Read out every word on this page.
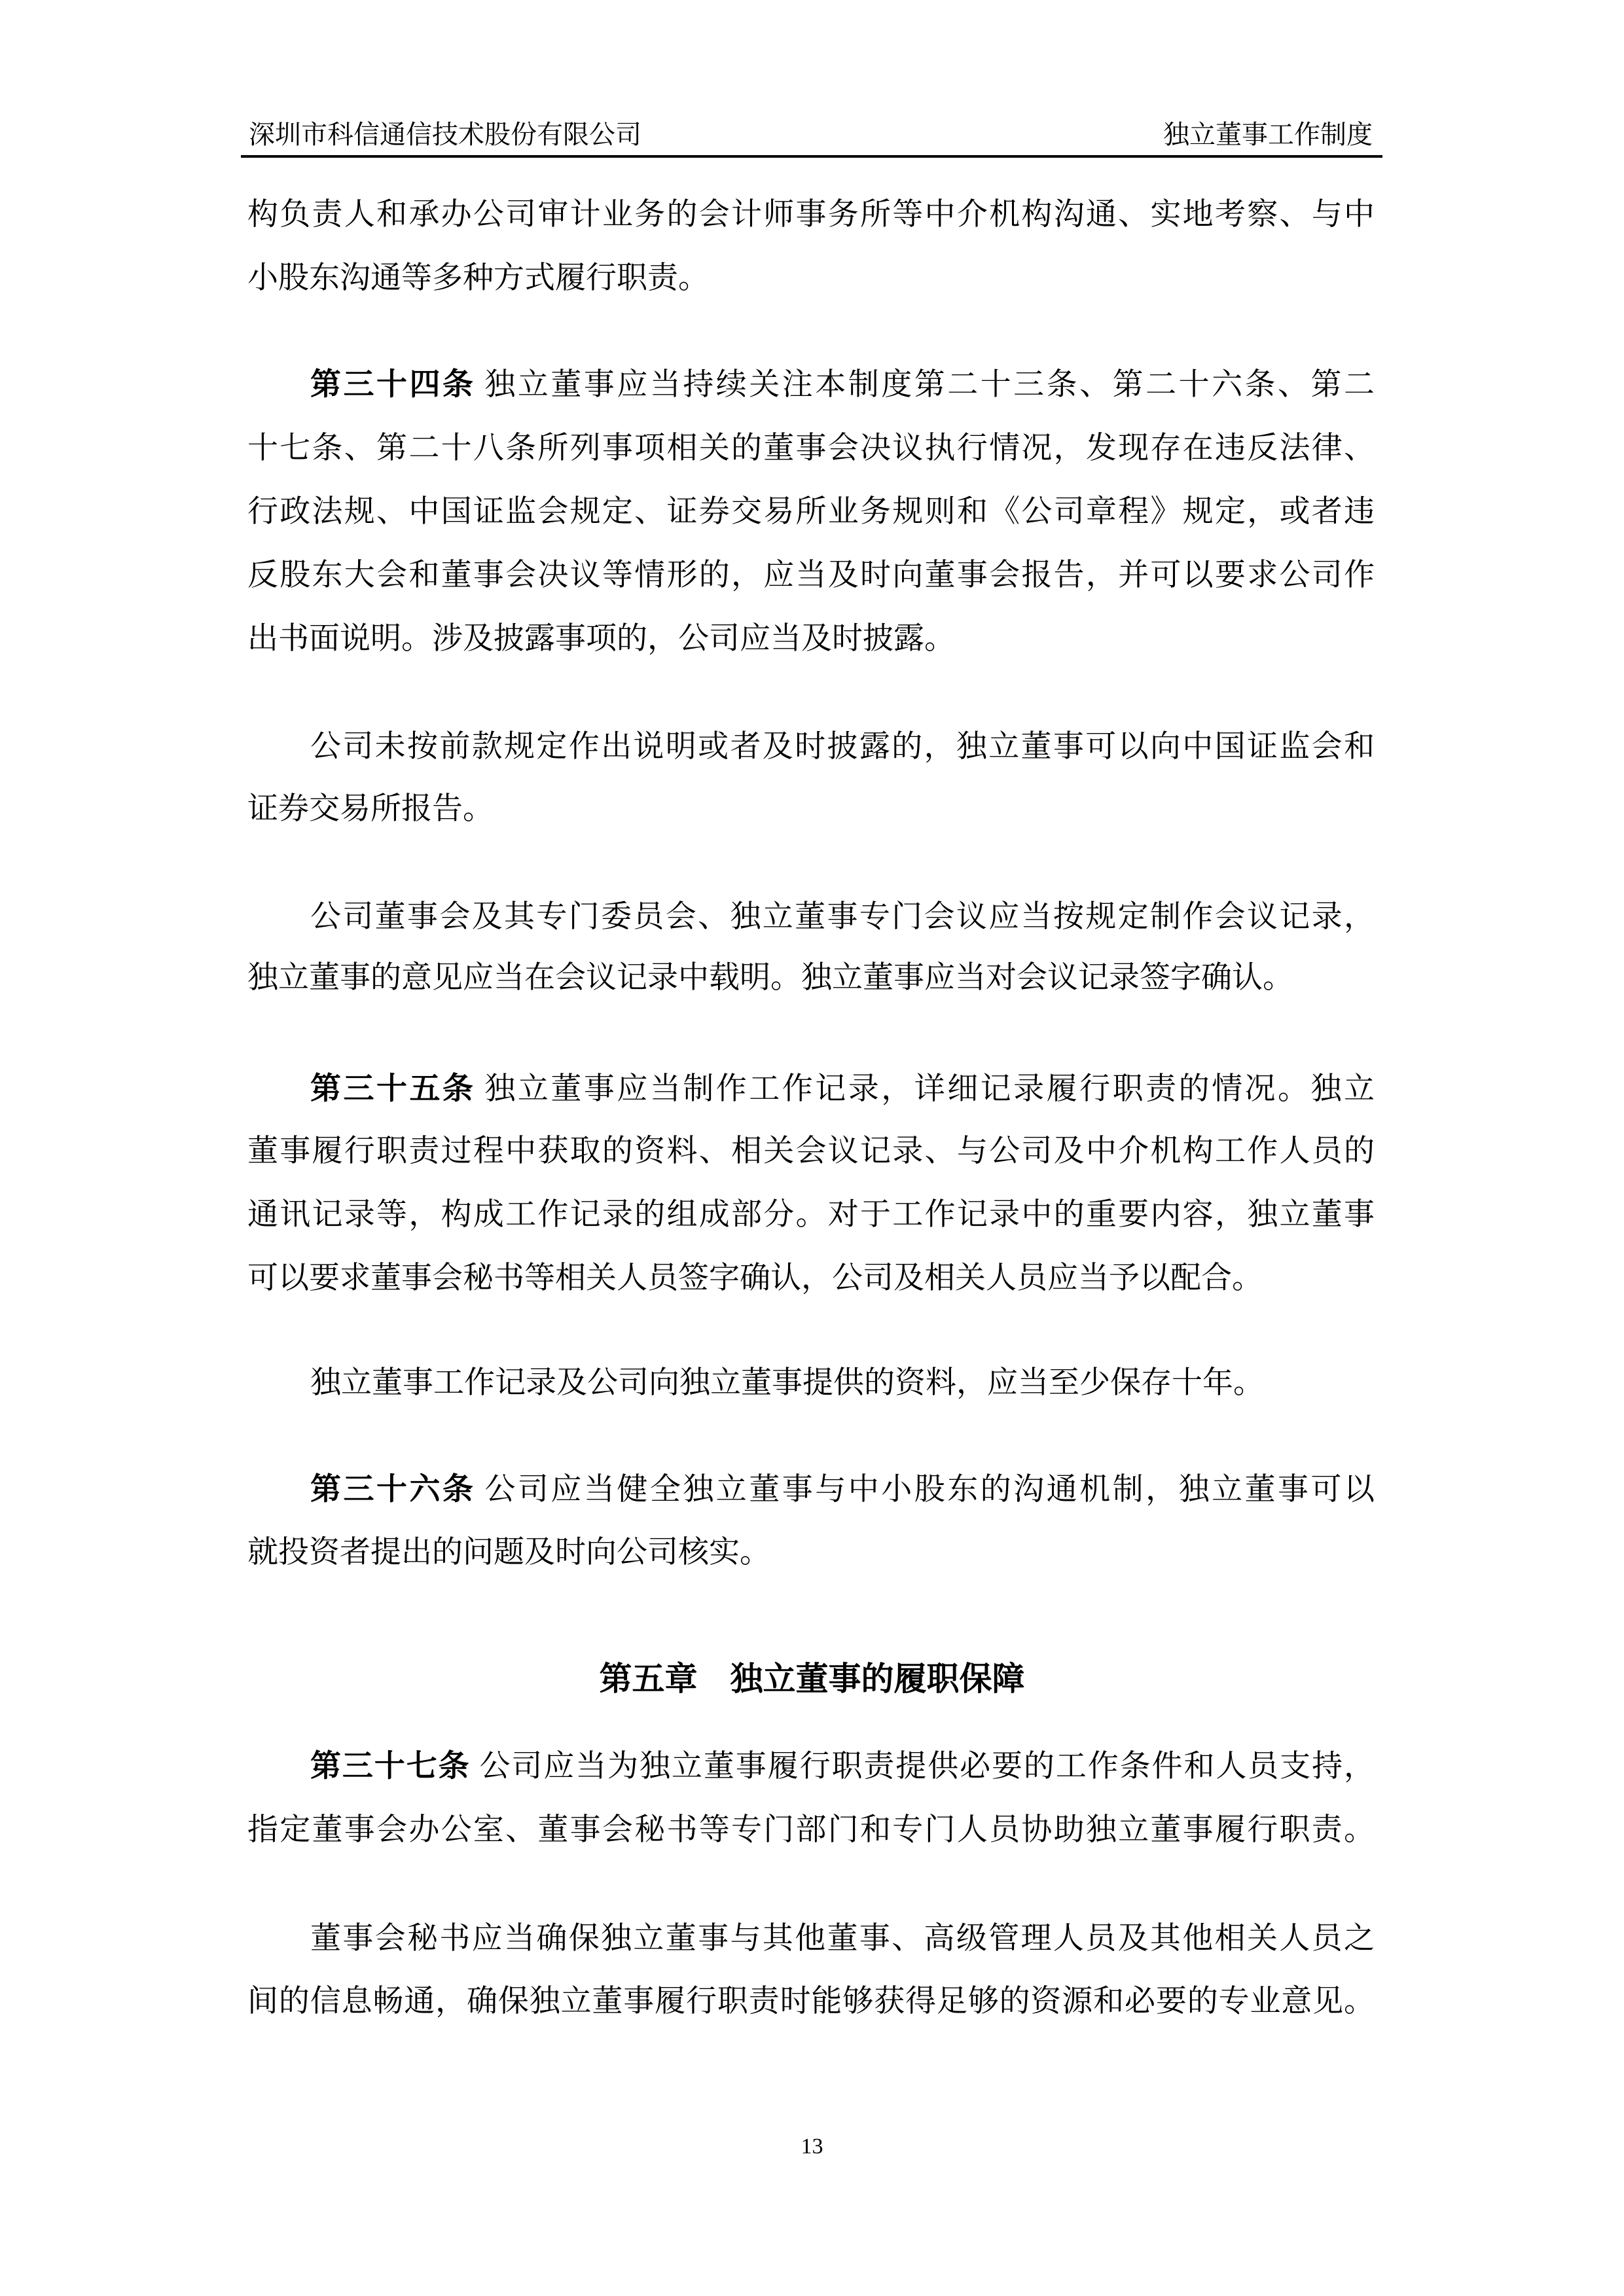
深圳市科信通信技术股份有限公司	独立董事工作制度
构负责人和承办公司审计业务的会计师事务所等中介机构沟通、实地考察、与中
小股东沟通等多种方式履行职责。
第三十四条 独立董事应当持续关注本制度第二十三条、第二十六条、第二
十七条、第二十八条所列事项相关的董事会决议执行情况，发现存在违反法律、
行政法规、中国证监会规定、证券交易所业务规则和《公司章程》规定，或者违
反股东大会和董事会决议等情形的，应当及时向董事会报告，并可以要求公司作
出书面说明。涉及披露事项的，公司应当及时披露。
公司未按前款规定作出说明或者及时披露的，独立董事可以向中国证监会和
证券交易所报告。
公司董事会及其专门委员会、独立董事专门会议应当按规定制作会议记录，
独立董事的意见应当在会议记录中载明。独立董事应当对会议记录签字确认。
第三十五条 独立董事应当制作工作记录，详细记录履行职责的情况。独立
董事履行职责过程中获取的资料、相关会议记录、与公司及中介机构工作人员的
通讯记录等，构成工作记录的组成部分。对于工作记录中的重要内容，独立董事
可以要求董事会秘书等相关人员签字确认，公司及相关人员应当予以配合。
独立董事工作记录及公司向独立董事提供的资料，应当至少保存十年。
第三十六条 公司应当健全独立董事与中小股东的沟通机制，独立董事可以
就投资者提出的问题及时向公司核实。
第五章　独立董事的履职保障
第三十七条 公司应当为独立董事履行职责提供必要的工作条件和人员支持，
指定董事会办公室、董事会秘书等专门部门和专门人员协助独立董事履行职责。
董事会秘书应当确保独立董事与其他董事、高级管理人员及其他相关人员之
间的信息畅通，确保独立董事履行职责时能够获得足够的资源和必要的专业意见。
13
